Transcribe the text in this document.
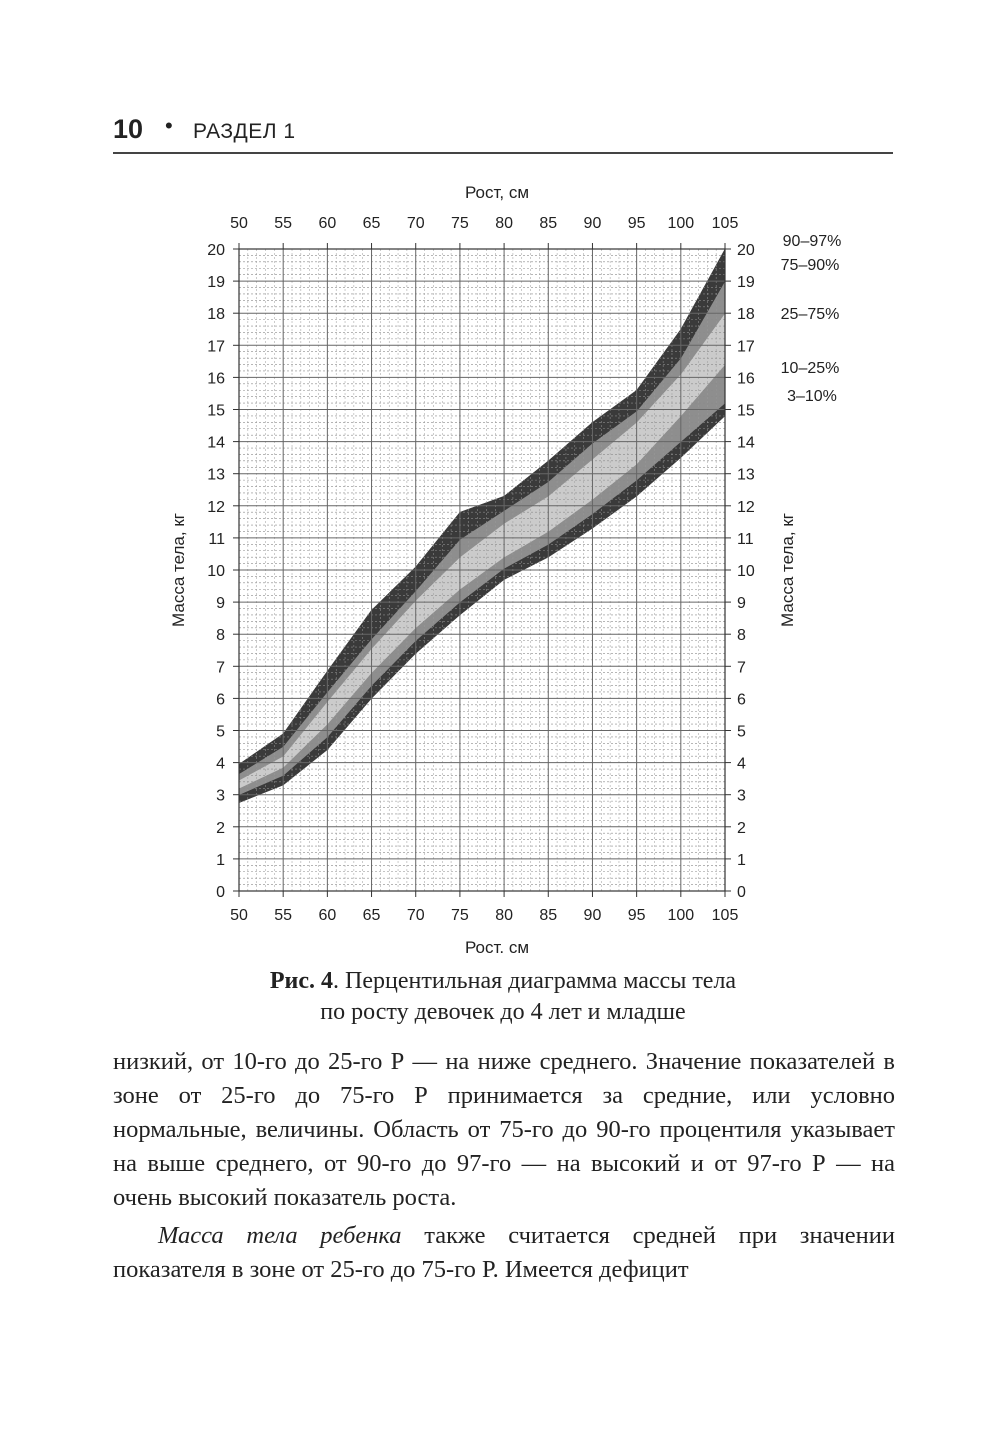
10 • РАЗДЕЛ 1
50
50
55
55
60
60
65
65
70
70
75
75
80
80
85
85
90
90
95
95
100
100
105
105
0	0
1	1
2	2
3	3
4	4
5	5
6	6
7	7
8	8
9	9
10	10
11	11
12	12
13	13
14	14
15	15
16	16
17	17
18	18
19	19
20	20
Рост, см
Рост. см
Масса тела, кг	Масса тела, кг
90–97%
75–90%
25–75%
10–25%
3–10%
Рис. 4. Перцентильная диаграмма массы тела
по росту девочек до 4 лет и младше

низкий, от 10-го до 25-го Р — на ниже среднего. Значение показателей в зоне от 25-го до 75-го Р принимается за средние, или условно нормальные, величины. Область от 75-го до 90-го процентиля указывает на выше среднего, от 90-го до 97-го — на высокий и от 97-го Р — на очень высокий показатель роста.

Масса тела ребенка также считается средней при значении показателя в зоне от 25-го до 75-го Р. Имеется дефицит
